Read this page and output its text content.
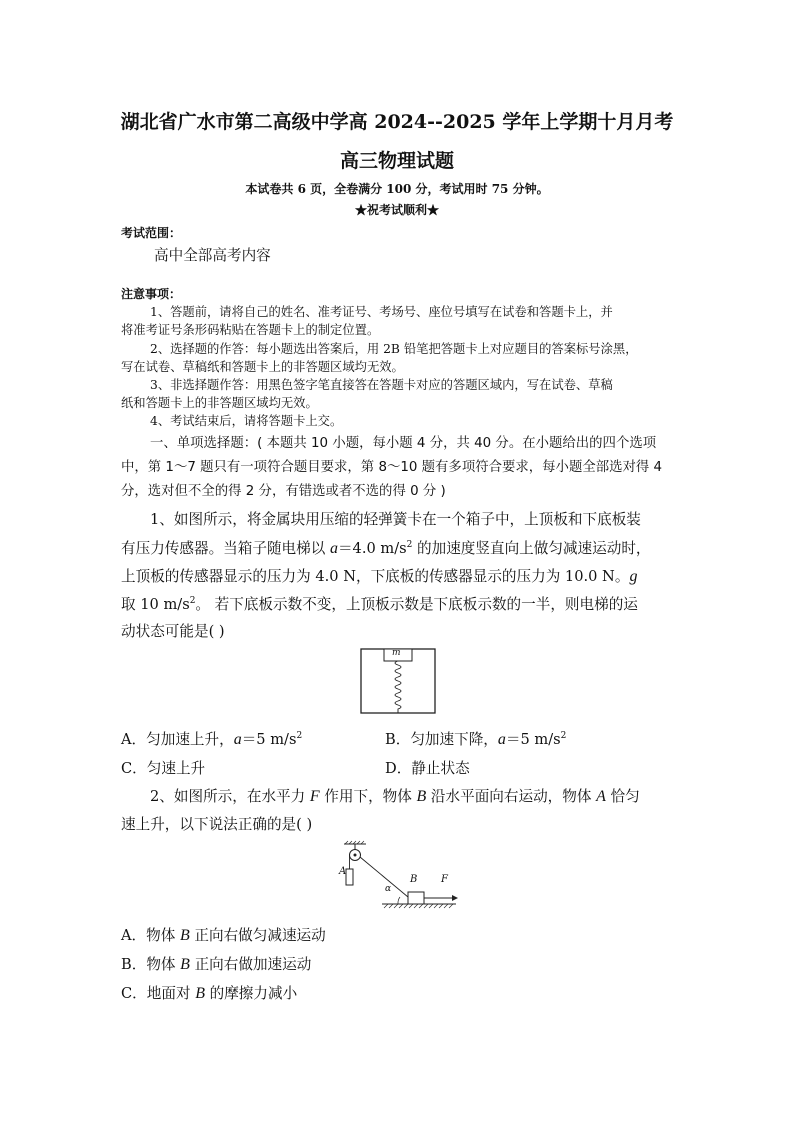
湖北省广水市第二高级中学高 2024--2025 学年上学期十月月考
高三物理试题
本试卷共 6 页，全卷满分 100 分，考试用时 75 分钟。
★祝考试顺利★
考试范围：
高中全部高考内容
注意事项：
1、答题前，请将自己的姓名、准考证号、考场号、座位号填写在试卷和答题卡上，并
将准考证号条形码粘贴在答题卡上的制定位置。
2、选择题的作答：每小题选出答案后，用 2B 铅笔把答题卡上对应题目的答案标号涂黑，
写在试卷、草稿纸和答题卡上的非答题区域均无效。
3、非选择题作答：用黑色签字笔直接答在答题卡对应的答题区域内，写在试卷、草稿
纸和答题卡上的非答题区域均无效。
4、考试结束后，请将答题卡上交。
一、单项选择题：( 本题共 10 小题，每小题 4 分，共 40 分。在小题给出的四个选项
中，第 1～7 题只有一项符合题目要求，第 8～10 题有多项符合要求，每小题全部选对得 4
分，选对但不全的得 2 分，有错选或者不选的得 0 分 )
1、如图所示，将金属块用压缩的轻弹簧卡在一个箱子中，上顶板和下底板装
有压力传感器。当箱子随电梯以 a＝4.0 $m/s^2$ 的加速度竖直向上做匀减速运动时，
上顶板的传感器显示的压力为 4.0 N，下底板的传感器显示的压力为 10.0 N。g
取 10 $m/s^2$。 若下底板示数不变，上顶板示数是下底板示数的一半，则电梯的运
动状态可能是( )
m
A．匀加速上升，a＝5 $m/s^2$	B．匀加速下降，a＝5 $m/s^2$
C．匀速上升	D．静止状态
2、如图所示，在水平力 F 作用下，物体 B 沿水平面向右运动，物体 A 恰匀
速上升，以下说法正确的是( )
A
B F
α
A．物体 B 正向右做匀减速运动
B．物体 B 正向右做加速运动
C．地面对 B 的摩擦力减小
